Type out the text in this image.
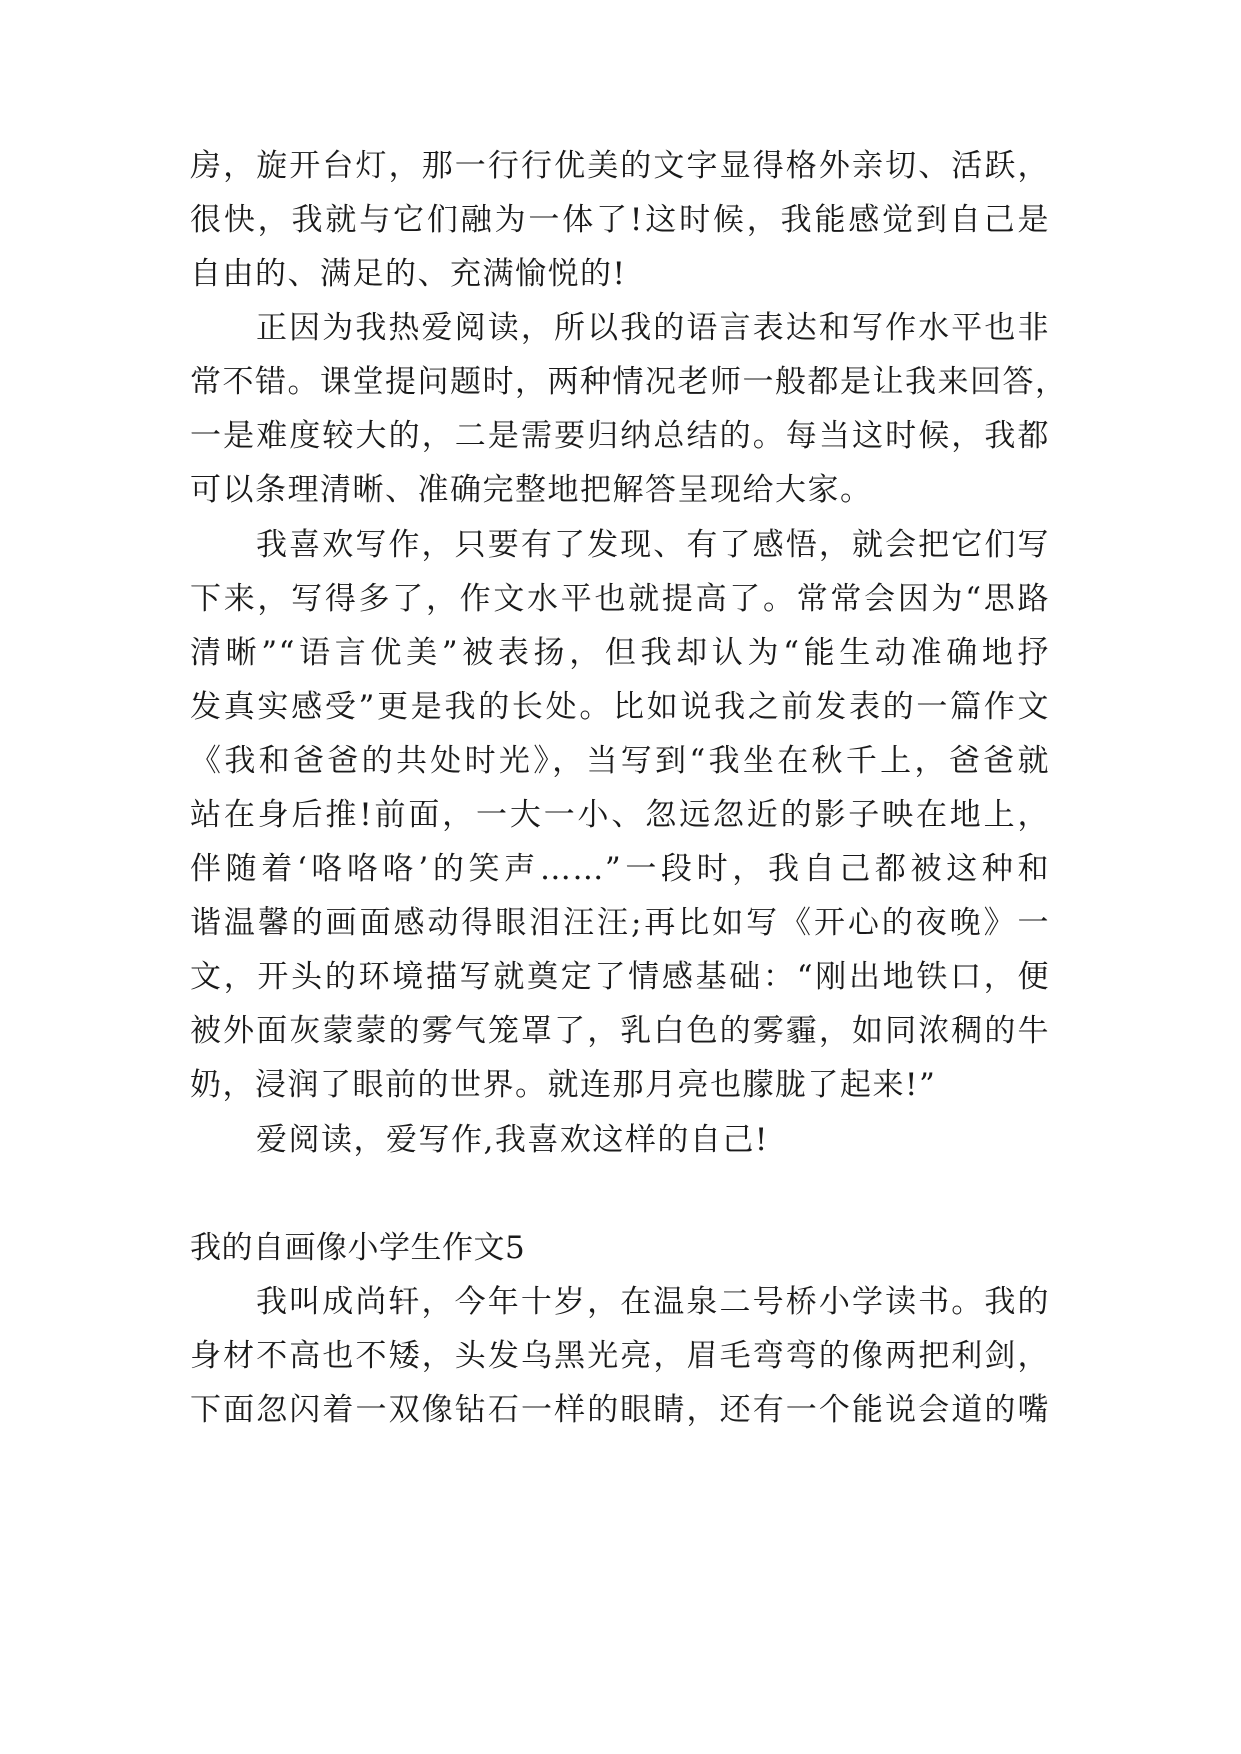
房，旋开台灯，那一行行优美的文字显得格外亲切、活跃，
很快，我就与它们融为一体了!这时候，我能感觉到自己是
自由的、满足的、充满愉悦的!
正因为我热爱阅读，所以我的语言表达和写作水平也非
常不错。课堂提问题时，两种情况老师一般都是让我来回答，
一是难度较大的，二是需要归纳总结的。每当这时候，我都
可以条理清晰、准确完整地把解答呈现给大家。
我喜欢写作，只要有了发现、有了感悟，就会把它们写
下来，写得多了，作文水平也就提高了。常常会因为“思路
清晰”“语言优美”被表扬，但我却认为“能生动准确地抒
发真实感受”更是我的长处。比如说我之前发表的一篇作文
《我和爸爸的共处时光》，当写到“我坐在秋千上，爸爸就
站在身后推!前面，一大一小、忽远忽近的影子映在地上，
伴随着‘咯咯咯’的笑声……”一段时，我自己都被这种和
谐温馨的画面感动得眼泪汪汪;再比如写《开心的夜晚》一
文，开头的环境描写就奠定了情感基础：“刚出地铁口，便
被外面灰蒙蒙的雾气笼罩了，乳白色的雾霾，如同浓稠的牛
奶，浸润了眼前的世界。就连那月亮也朦胧了起来!”
爱阅读，爱写作,我喜欢这样的自己!
我的自画像小学生作文5
我叫成尚轩，今年十岁，在温泉二号桥小学读书。我的
身材不高也不矮，头发乌黑光亮，眉毛弯弯的像两把利剑，
下面忽闪着一双像钻石一样的眼睛，还有一个能说会道的嘴
